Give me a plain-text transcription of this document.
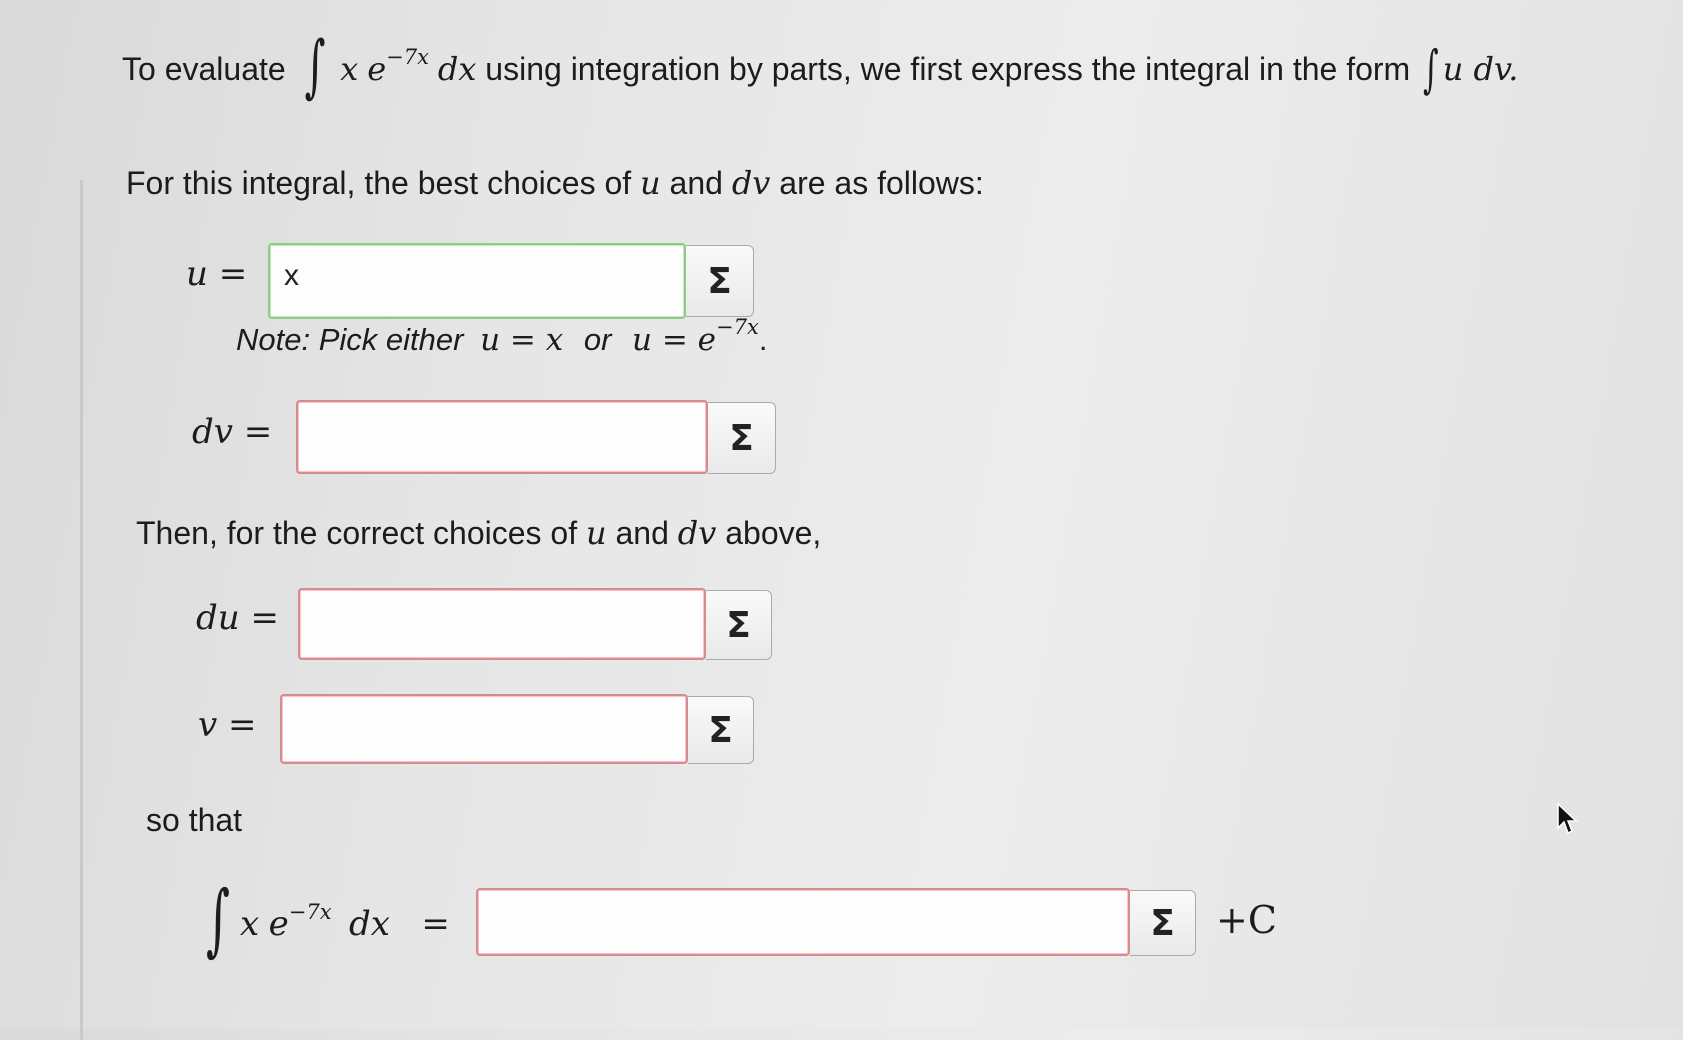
To evaluate ∫ x $e^{-7x}$ dx using integration by parts, we first express the integral in the form ∫ u dv.
For this integral, the best choices of u and dv are as follows:
u =	x	Σ
Note: Pick either u = x or $u = e^{-7x}$.
dv =	Σ
Then, for the correct choices of u and dv above,
du =	Σ
v =	Σ
so that
∫ x $e^{-7x}$ dx =	Σ +C
